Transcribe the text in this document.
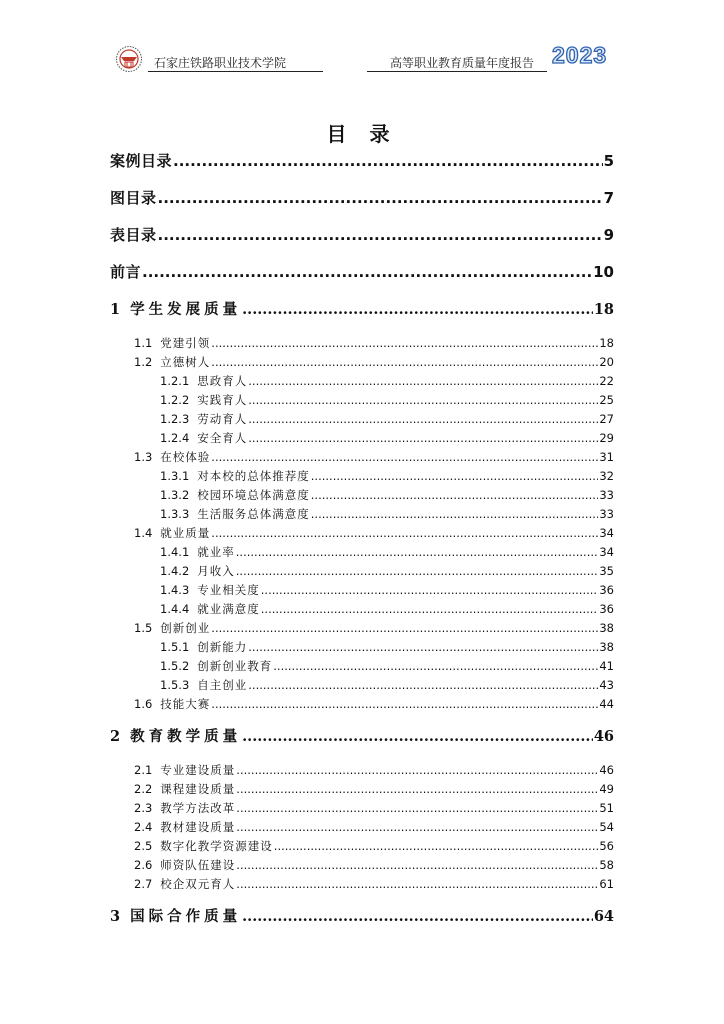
石家庄铁路职业技术学院	高等职业教育质量年度报告 2023
目 录
案例目录 .....	5
图目录 .....	7
表目录 .....	9
前言 .....	10
1 学生发展质量 .....	18
1.1 党建引领 .....	18
1.2 立德树人 .....	20
1.2.1 思政育人 .....	22
1.2.2 实践育人 .....	25
1.2.3 劳动育人 .....	27
1.2.4 安全育人 .....	29
1.3 在校体验 .....	31
1.3.1 对本校的总体推荐度 .....	32
1.3.2 校园环境总体满意度 .....	33
1.3.3 生活服务总体满意度 .....	33
1.4 就业质量 .....	34
1.4.1 就业率 .....	34
1.4.2 月收入 .....	35
1.4.3 专业相关度 .....	36
1.4.4 就业满意度 .....	36
1.5 创新创业 .....	38
1.5.1 创新能力 .....	38
1.5.2 创新创业教育 .....	41
1.5.3 自主创业 .....	43
1.6 技能大赛 .....	44
2 教育教学质量 .....	46
2.1 专业建设质量 .....	46
2.2 课程建设质量 .....	49
2.3 教学方法改革 .....	51
2.4 教材建设质量 .....	54
2.5 数字化教学资源建设 .....	56
2.6 师资队伍建设 .....	58
2.7 校企双元育人 .....	61
3 国际合作质量 .....	64
